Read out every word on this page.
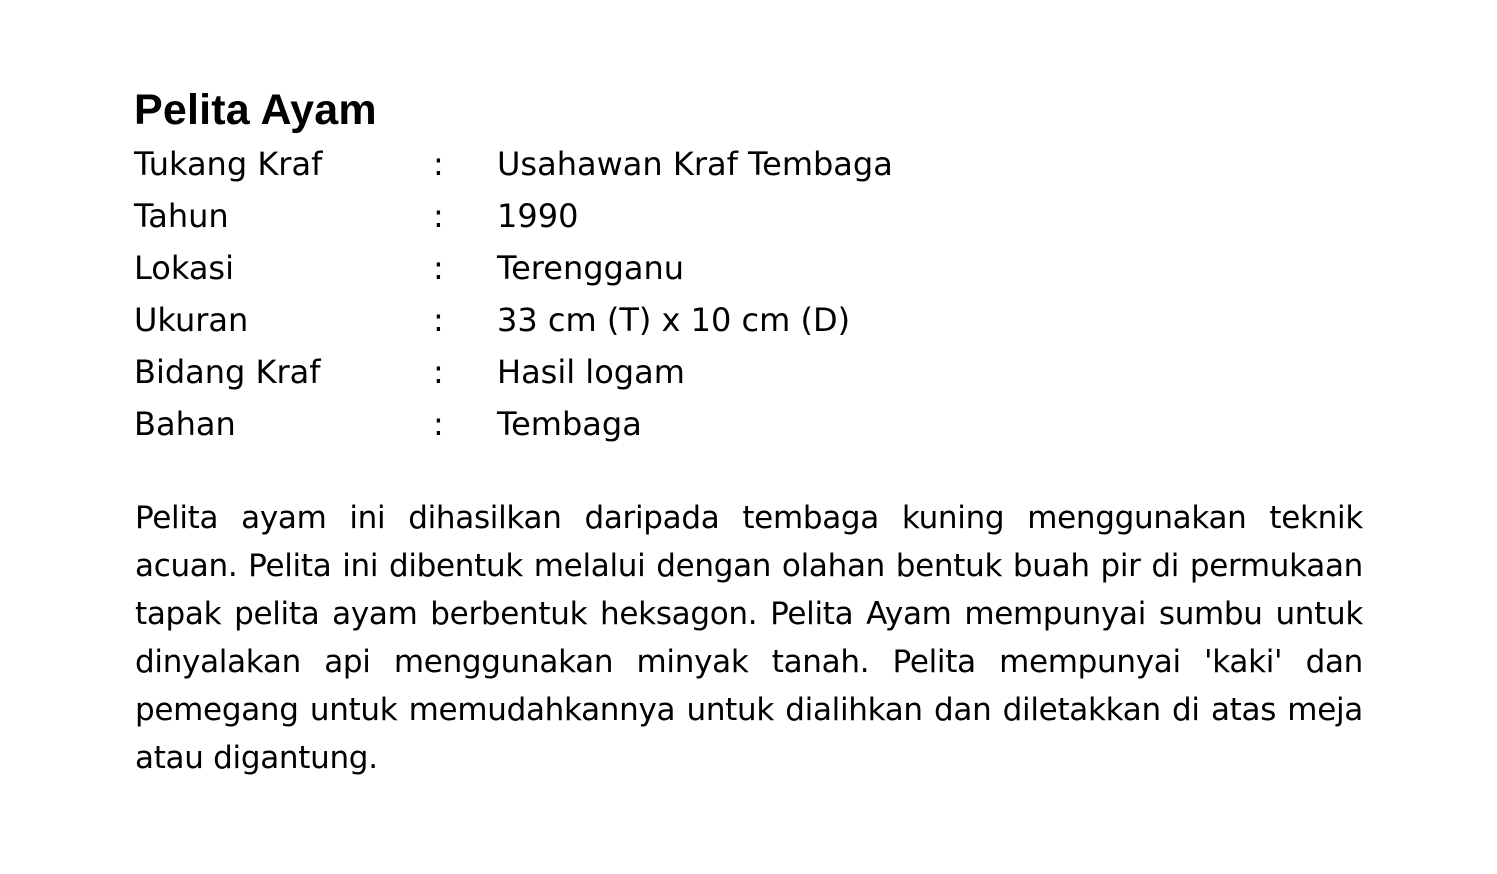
Pelita Ayam
Tukang Kraf	: Usahawan Kraf Tembaga
Tahun	: 1990
Lokasi	: Terengganu
Ukuran	: 33 cm (T) x 10 cm (D)
Bidang Kraf	: Hasil logam
Bahan	: Tembaga

Pelita ayam ini dihasilkan daripada tembaga kuning menggunakan teknik acuan. Pelita ini dibentuk melalui dengan olahan bentuk buah pir di permukaan tapak pelita ayam berbentuk heksagon. Pelita Ayam mempunyai sumbu untuk dinyalakan api menggunakan minyak tanah. Pelita mempunyai 'kaki' dan pemegang untuk memudahkannya untuk dialihkan dan diletakkan di atas meja atau digantung.
